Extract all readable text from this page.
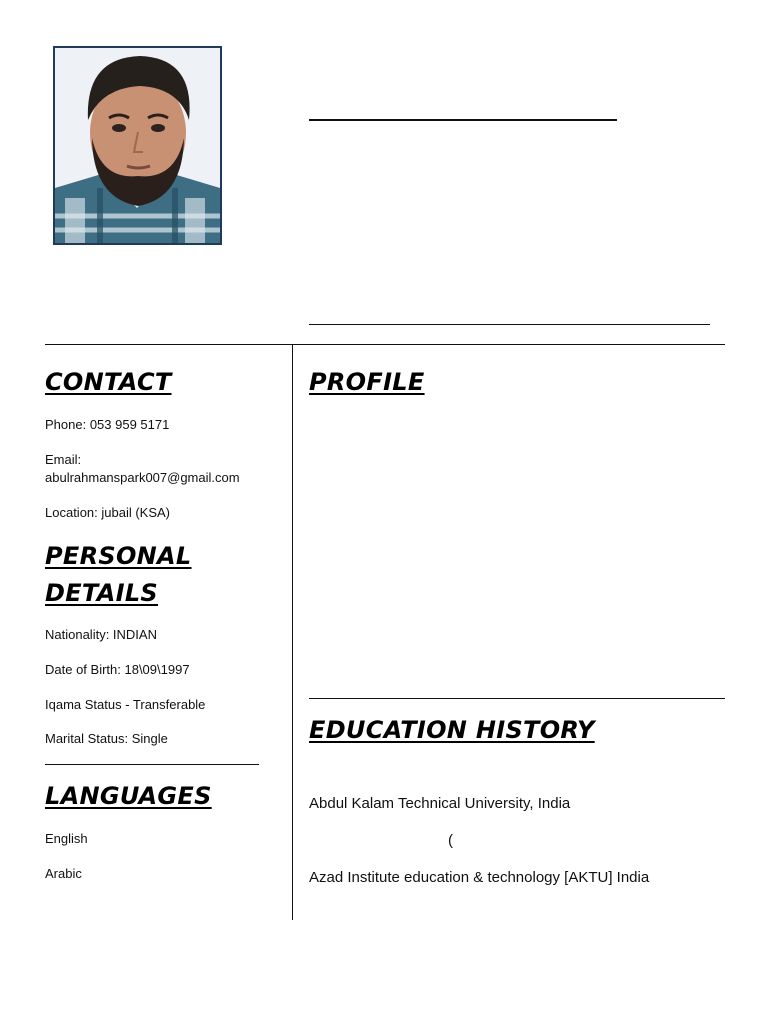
CONTACT
Phone: 053 959 5171
Email:
abulrahmanspark007@gmail.com
Location: jubail (KSA)
PERSONAL
DETAILS
Nationality: INDIAN
Date of Birth: 18\09\1997
Iqama Status - Transferable
Marital Status: Single
LANGUAGES
English
Arabic
PROFILE
EDUCATION HISTORY
Abdul Kalam Technical University, India
(
Azad Institute education & technology [AKTU] India
